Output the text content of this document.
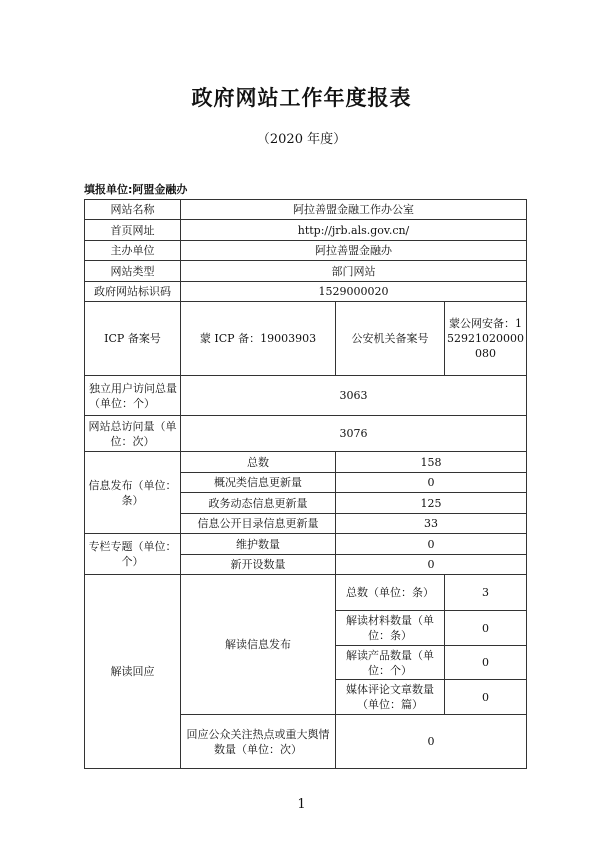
政府网站工作年度报表
（2020 年度）
填报单位:阿盟金融办
网站名称	阿拉善盟金融工作办公室		
首页网址	http://jrb.als.gov.cn/		
主办单位	阿拉善盟金融办		
网站类型	部门网站		
政府网站标识码	1529000020		
ICP 备案号	蒙 ICP 备：19003903	公安机关备案号	蒙公网安备：152921020000080
独立用户访问总量（单位：个）	3063		
网站总访问量（单位：次）	3076		
信息发布（单位：条）	总数	158	
	概况类信息更新量	0	
	政务动态信息更新量	125	
	信息公开目录信息更新量	33	
专栏专题（单位：个）	维护数量	0	
	新开设数量	0	
解读回应	解读信息发布	总数（单位：条）	3
		解读材料数量（单位：条）	0
		解读产品数量（单位：个）	0
		媒体评论文章数量（单位：篇）	0
	回应公众关注热点或重大舆情数量（单位：次）	0	
1
